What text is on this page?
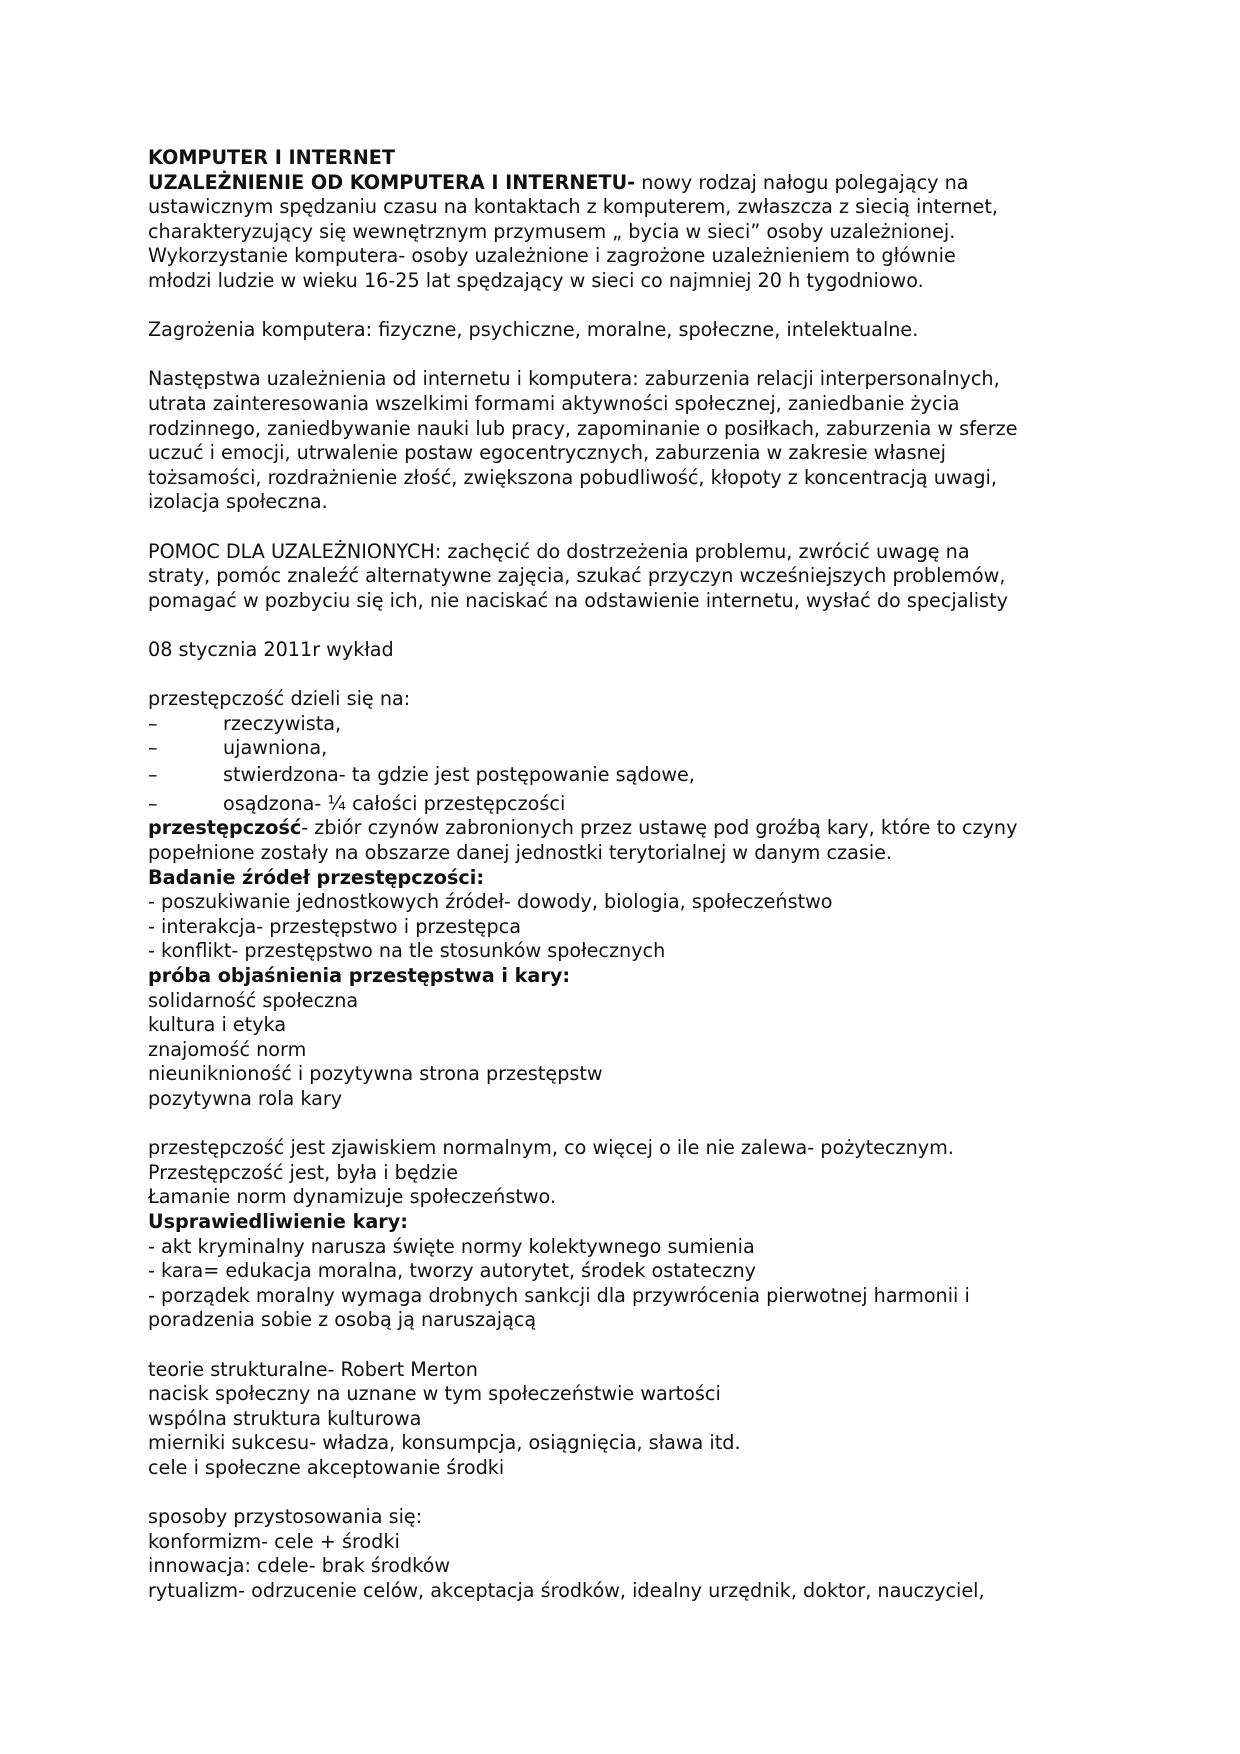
KOMPUTER I INTERNET
UZALEŻNIENIE OD KOMPUTERA I INTERNETU- nowy rodzaj nałogu polegający na
ustawicznym spędzaniu czasu na kontaktach z komputerem, zwłaszcza z siecią internet,
charakteryzujący się wewnętrznym przymusem „ bycia w sieci” osoby uzależnionej.
Wykorzystanie komputera- osoby uzależnione i zagrożone uzależnieniem to głównie
młodzi ludzie w wieku 16-25 lat spędzający w sieci co najmniej 20 h tygodniowo.
Zagrożenia komputera: fizyczne, psychiczne, moralne, społeczne, intelektualne.
Następstwa uzależnienia od internetu i komputera: zaburzenia relacji interpersonalnych,
utrata zainteresowania wszelkimi formami aktywności społecznej, zaniedbanie życia
rodzinnego, zaniedbywanie nauki lub pracy, zapominanie o posiłkach, zaburzenia w sferze
uczuć i emocji, utrwalenie postaw egocentrycznych, zaburzenia w zakresie własnej
tożsamości, rozdrażnienie złość, zwiększona pobudliwość, kłopoty z koncentracją uwagi,
izolacja społeczna.
POMOC DLA UZALEŻNIONYCH: zachęcić do dostrzeżenia problemu, zwrócić uwagę na
straty, pomóc znaleźć alternatywne zajęcia, szukać przyczyn wcześniejszych problemów,
pomagać w pozbyciu się ich, nie naciskać na odstawienie internetu, wysłać do specjalisty
08 stycznia 2011r wykład
przestępczość dzieli się na:
–	rzeczywista,
–	ujawniona,
–	stwierdzona- ta gdzie jest postępowanie sądowe,
–	osądzona- ¼ całości przestępczości
przestępczość- zbiór czynów zabronionych przez ustawę pod groźbą kary, które to czyny
popełnione zostały na obszarze danej jednostki terytorialnej w danym czasie.
Badanie źródeł przestępczości:
- poszukiwanie jednostkowych źródeł- dowody, biologia, społeczeństwo
- interakcja- przestępstwo i przestępca
- konflikt- przestępstwo na tle stosunków społecznych
próba objaśnienia przestępstwa i kary:
solidarność społeczna
kultura i etyka
znajomość norm
nieuniknioność i pozytywna strona przestępstw
pozytywna rola kary
przestępczość jest zjawiskiem normalnym, co więcej o ile nie zalewa- pożytecznym.
Przestępczość jest, była i będzie
Łamanie norm dynamizuje społeczeństwo.
Usprawiedliwienie kary:
- akt kryminalny narusza święte normy kolektywnego sumienia
- kara= edukacja moralna, tworzy autorytet, środek ostateczny
- porządek moralny wymaga drobnych sankcji dla przywrócenia pierwotnej harmonii i
poradzenia sobie z osobą ją naruszającą
teorie strukturalne- Robert Merton
nacisk społeczny na uznane w tym społeczeństwie wartości
wspólna struktura kulturowa
mierniki sukcesu- władza, konsumpcja, osiągnięcia, sława itd.
cele i społeczne akceptowanie środki
sposoby przystosowania się:
konformizm- cele + środki
innowacja: cdele- brak środków
rytualizm- odrzucenie celów, akceptacja środków, idealny urzędnik, doktor, nauczyciel,
